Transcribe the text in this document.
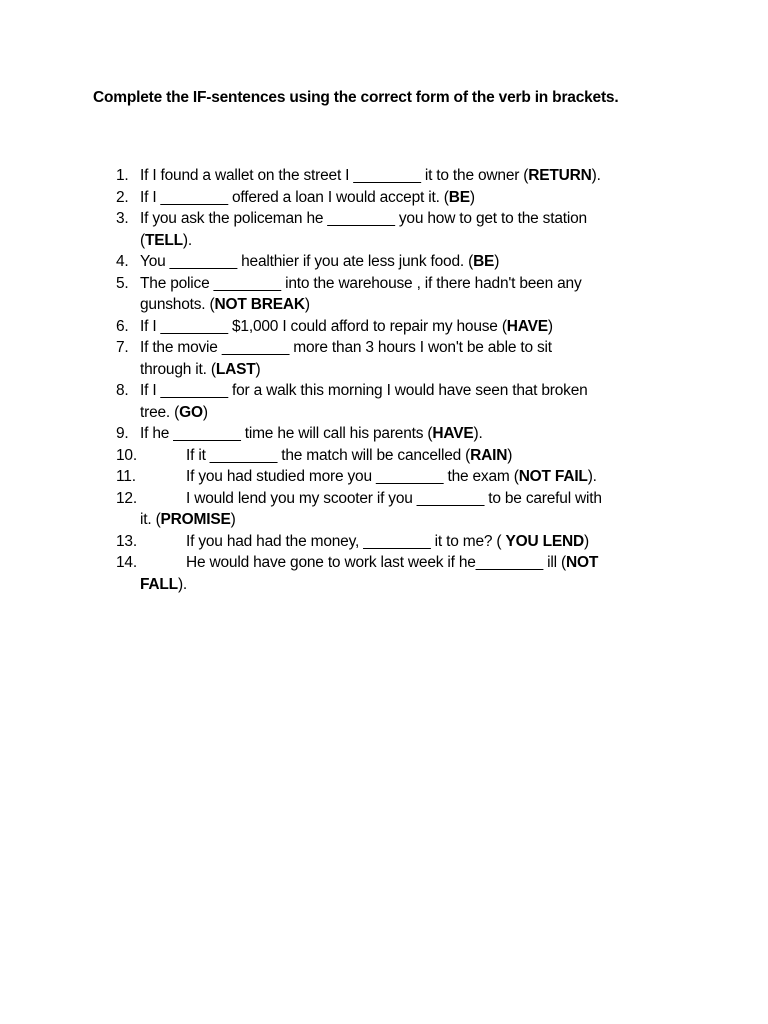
Complete the IF-sentences using the correct form of the verb in brackets.
1. If I found a wallet on the street I ________ it to the owner (RETURN).
2. If I ________ offered a loan I would accept it. (BE)
3. If you ask the policeman he ________ you how to get to the station
(TELL).
4. You ________ healthier if you ate less junk food. (BE)
5. The police ________ into the warehouse , if there hadn't been any
gunshots. (NOT BREAK)
6. If I ________ $1,000 I could afford to repair my house (HAVE)
7. If the movie ________ more than 3 hours I won't be able to sit
through it. (LAST)
8. If I ________ for a walk this morning I would have seen that broken
tree. (GO)
9. If he ________ time he will call his parents (HAVE).
10.	If it ________ the match will be cancelled (RAIN)
11.	If you had studied more you ________ the exam (NOT FAIL).
12.	I would lend you my scooter if you ________ to be careful with
it. (PROMISE)
13.	If you had had the money, ________ it to me? ( YOU LEND)
14.	He would have gone to work last week if he________ ill (NOT
FALL).
